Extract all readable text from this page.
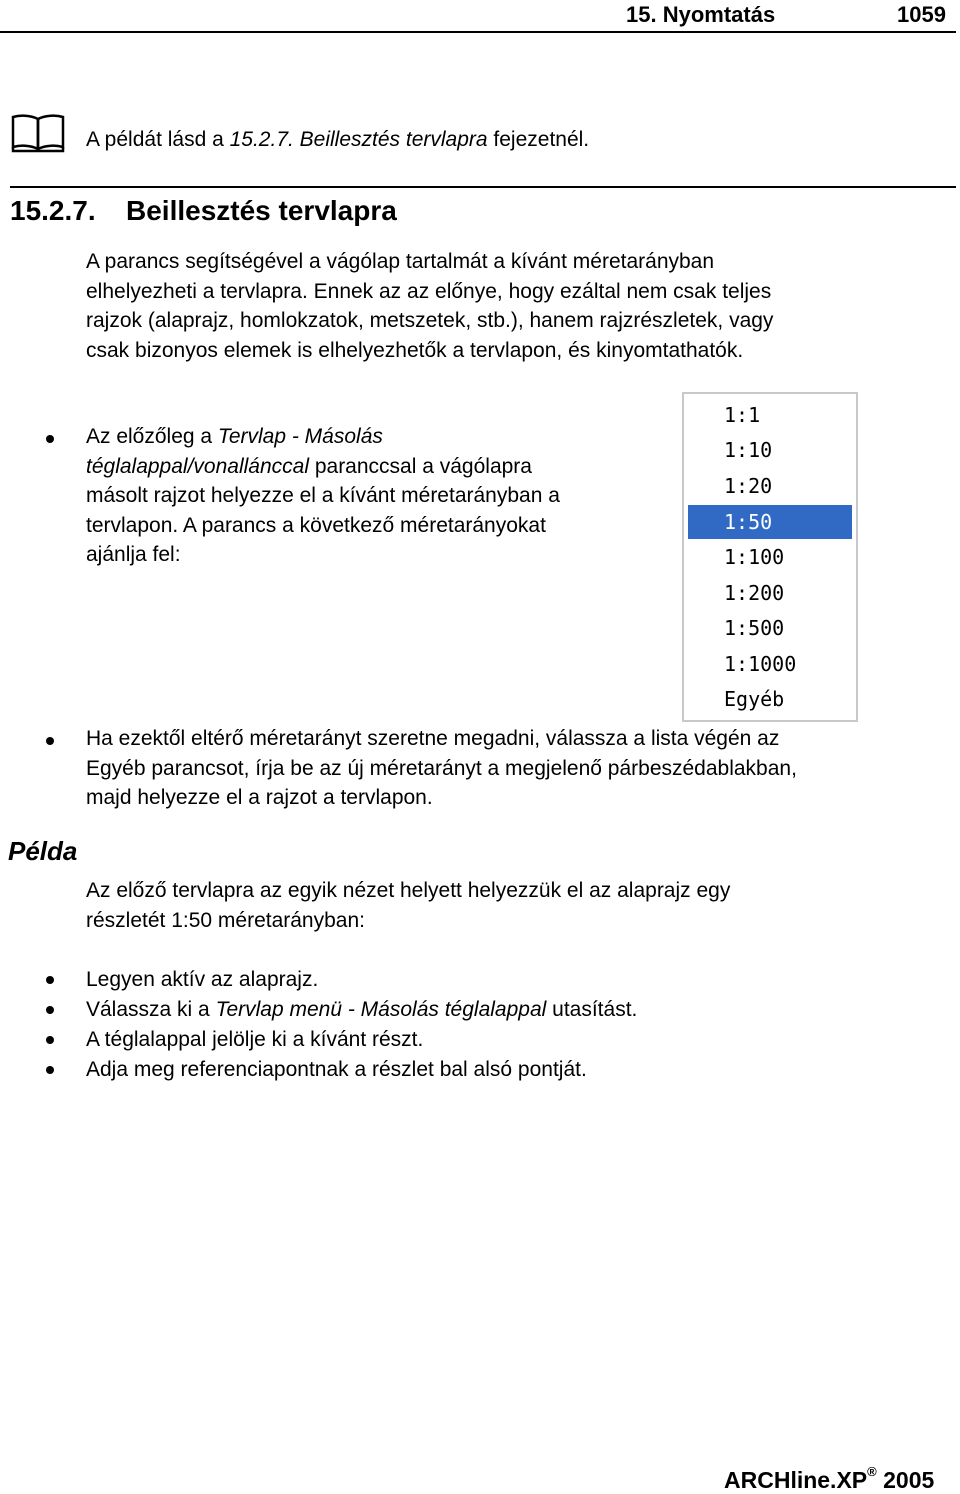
15. Nyomtatás	1059
A példát lásd a 15.2.7. Beillesztés tervlapra fejezetnél.
15.2.7. Beillesztés tervlapra
A parancs segítségével a vágólap tartalmát a kívánt méretarányban
elhelyezheti a tervlapra. Ennek az az előnye, hogy ezáltal nem csak teljes
rajzok (alaprajz, homlokzatok, metszetek, stb.), hanem rajzrészletek, vagy
csak bizonyos elemek is elhelyezhetők a tervlapon, és kinyomtathatók.
Az előzőleg a Tervlap - Másolás
téglalappal/vonallánccal paranccsal a vágólapra
másolt rajzot helyezze el a kívánt méretarányban a
tervlapon. A parancs a következő méretarányokat
ajánlja fel:
1:1
1:10
1:20
1:50
1:100
1:200
1:500
1:1000
Egyéb
Ha ezektől eltérő méretarányt szeretne megadni, válassza a lista végén az
Egyéb parancsot, írja be az új méretarányt a megjelenő párbeszédablakban,
majd helyezze el a rajzot a tervlapon.
Példa
Az előző tervlapra az egyik nézet helyett helyezzük el az alaprajz egy
részletét 1:50 méretarányban:
Legyen aktív az alaprajz.
Válassza ki a Tervlap menü - Másolás téglalappal utasítást.
A téglalappal jelölje ki a kívánt részt.
Adja meg referenciapontnak a részlet bal alsó pontját.
ARCHline.XP® 2005
